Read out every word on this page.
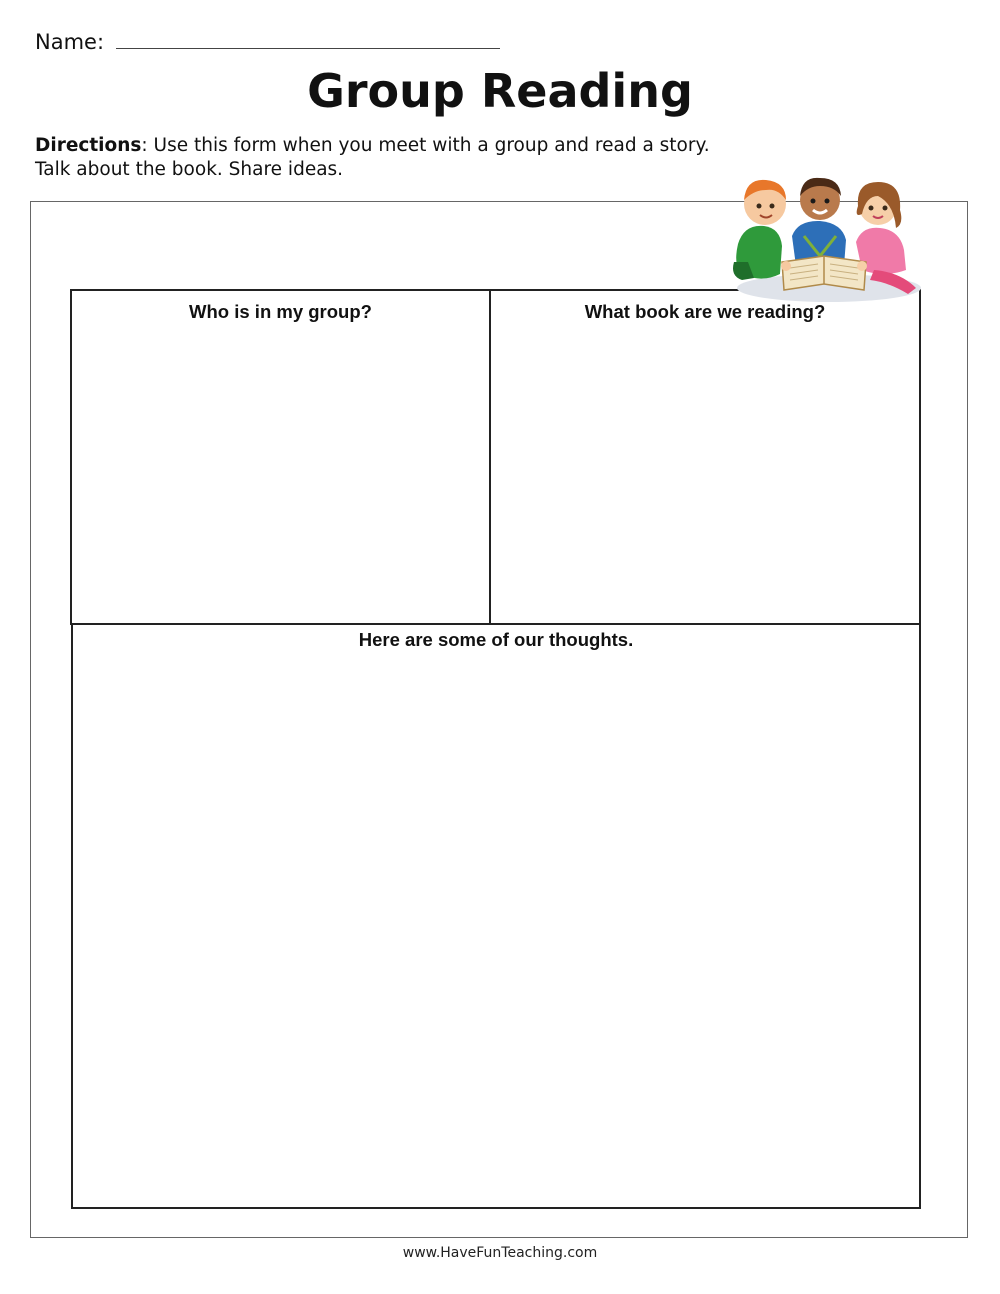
Name:
Group Reading
Directions: Use this form when you meet with a group and read a story.
Talk about the book. Share ideas.
Who is in my group?	What book are we reading?
Here are some of our thoughts.
www.HaveFunTeaching.com
